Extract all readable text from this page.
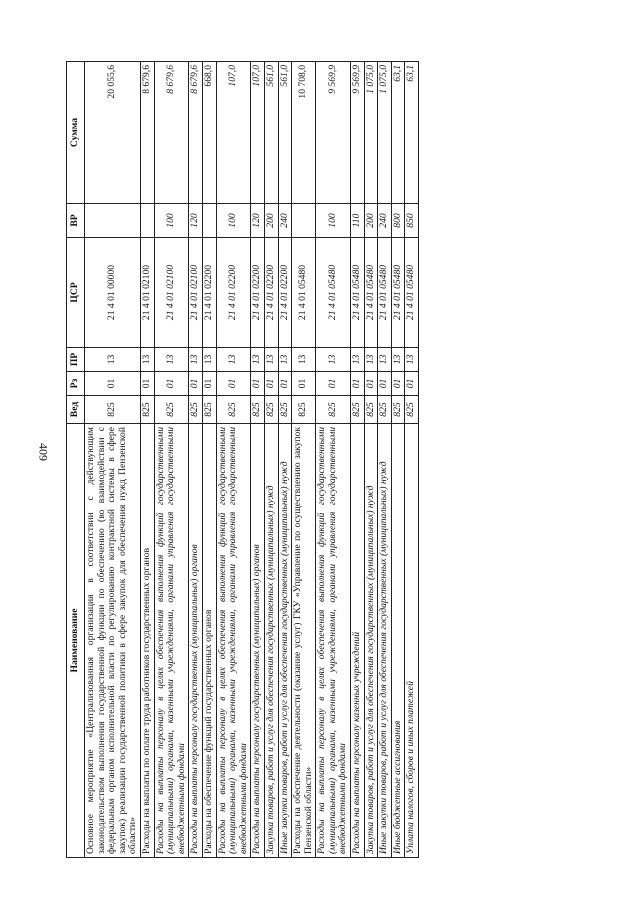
409
Наименование	Вед	Рз	ПР	ЦСР	ВР	Сумма
Основное мероприятие «Централизованная организация в соответствии с действующим законодательством выполнения государственной функции по обеспечению (во взаимодействии с федеральным органом исполнительной власти по регулированию контрактной системы в сфере закупок) реализации государственной политики в сфере закупок для обеспечения нужд Пензенской области»	825	01	13	21 4 01 00000		20 055,6
Расходы на выплаты по оплате труда работников государственных органов	825	01	13	21 4 01 02100		8 679,6
Расходы на выплаты персоналу в целях обеспечения выполнения функций государственными (муниципальными) органами, казенными учреждениями, органами управления государственными внебюджетными фондами	825	01	13	21 4 01 02100	100	8 679,6
Расходы на выплаты персоналу государственных (муниципальных) органов	825	01	13	21 4 01 02100	120	8 679,6
Расходы на обеспечение функций государственных органов	825	01	13	21 4 01 02200		668,0
Расходы на выплаты персоналу в целях обеспечения выполнения функций государственными (муниципальными) органами, казенными учреждениями, органами управления государственными внебюджетными фондами	825	01	13	21 4 01 02200	100	107,0
Расходы на выплаты персоналу государственных (муниципальных) органов	825	01	13	21 4 01 02200	120	107,0
Закупка товаров, работ и услуг для обеспечения государственных (муниципальных) нужд	825	01	13	21 4 01 02200	200	561,0
Иные закупки товаров, работ и услуг для обеспечения государственных (муниципальных) нужд	825	01	13	21 4 01 02200	240	561,0
Расходы на обеспечение деятельности (оказание услуг) ГКУ «Управление по осуществлению закупок Пензенской области»	825	01	13	21 4 01 05480		10 708,0
Расходы на выплаты персоналу в целях обеспечения выполнения функций государственными (муниципальными) органами, казенными учреждениями, органами управления государственными внебюджетными фондами	825	01	13	21 4 01 05480	100	9 569,9
Расходы на выплаты персоналу казенных учреждений	825	01	13	21 4 01 05480	110	9 569,9
Закупка товаров, работ и услуг для обеспечения государственных (муниципальных) нужд	825	01	13	21 4 01 05480	200	1 075,0
Иные закупки товаров, работ и услуг для обеспечения государственных (муниципальных) нужд	825	01	13	21 4 01 05480	240	1 075,0
Иные бюджетные ассигнования	825	01	13	21 4 01 05480	800	63,1
Уплата налогов, сборов и иных платежей	825	01	13	21 4 01 05480	850	63,1
